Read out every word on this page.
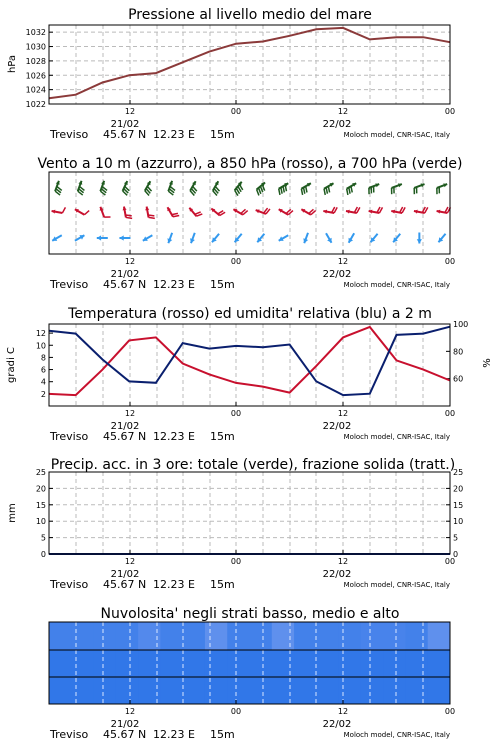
Pressione al livello medio del mare
hPa
1022
1024
1026
1028
1030
1032
12	00	12	00
21/02	22/02
Treviso 45.67 N 12.23 E 15m	Moloch model, CNR-ISAC, Italy
Vento a 10 m (azzurro), a 850 hPa (rosso), a 700 hPa (verde)
12	00	12	00
21/02	22/02
Treviso 45.67 N 12.23 E 15m	Moloch model, CNR-ISAC, Italy
Temperatura (rosso) ed umidita' relativa (blu) a 2 m
gradi C	%
2
4
6
8
10
12
60
80
100
12	00	12	00
21/02	22/02
Treviso 45.67 N 12.23 E 15m	Moloch model, CNR-ISAC, Italy
Precip. acc. in 3 ore: totale (verde), frazione solida (tratt.)
mm
0
5
10
15
20
25
0
5
10
15
20
25
12	00	12	00
21/02	22/02
Treviso 45.67 N 12.23 E 15m	Moloch model, CNR-ISAC, Italy
Nuvolosita' negli strati basso, medio e alto
12	00	12	00
21/02	22/02
Treviso 45.67 N 12.23 E 15m	Moloch model, CNR-ISAC, Italy
